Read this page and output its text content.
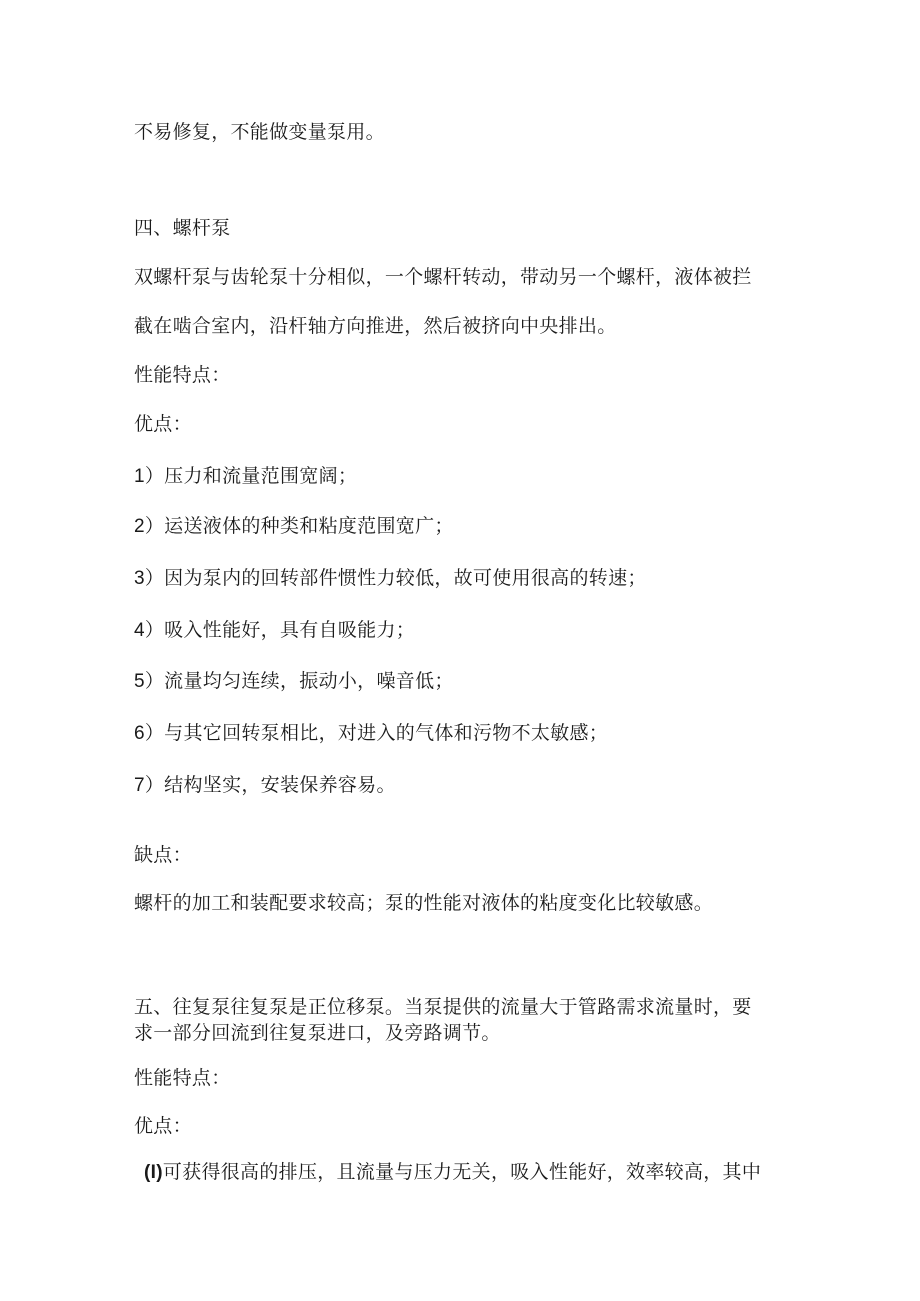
不易修复，不能做变量泵用。
四、螺杆泵
双螺杆泵与齿轮泵十分相似，一个螺杆转动，带动另一个螺杆，液体被拦
截在啮合室内，沿杆轴方向推进，然后被挤向中央排出。
性能特点：
优点：
1）压力和流量范围宽阔；
2）运送液体的种类和粘度范围宽广；
3）因为泵内的回转部件惯性力较低，故可使用很高的转速；
4）吸入性能好，具有自吸能力；
5）流量均匀连续，振动小，噪音低；
6）与其它回转泵相比，对进入的气体和污物不太敏感；
7）结构坚实，安装保养容易。
缺点：
螺杆的加工和装配要求较高；泵的性能对液体的粘度变化比较敏感。
五、往复泵往复泵是正位移泵。当泵提供的流量大于管路需求流量时，要
求一部分回流到往复泵进口，及旁路调节。
性能特点：
优点：
(I)可获得很高的排压，且流量与压力无关，吸入性能好，效率较高，其中
